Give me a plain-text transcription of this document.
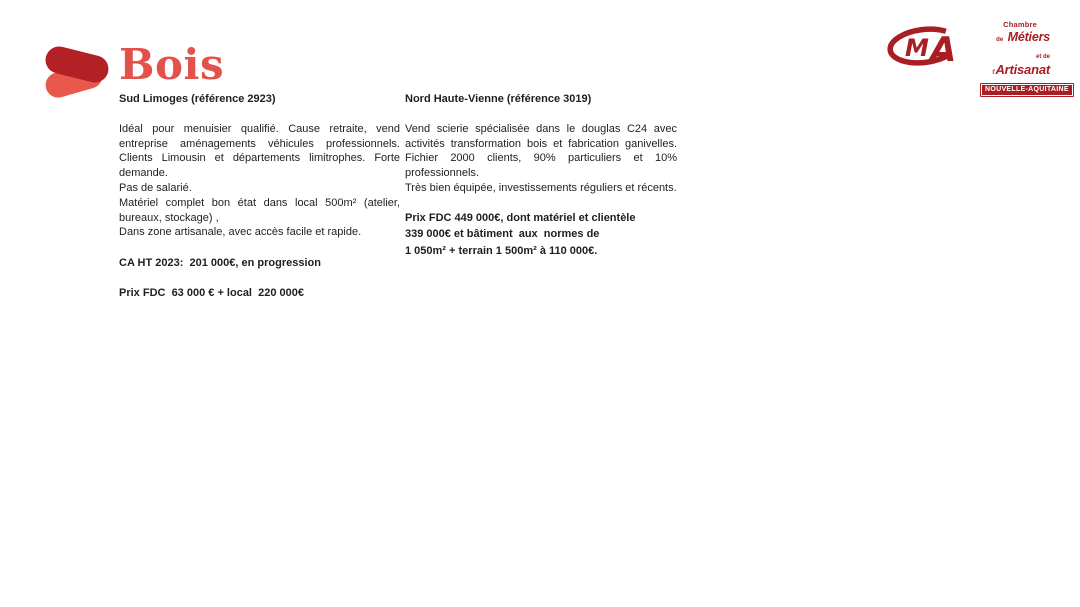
Bois	M A
Chambre
de Métiers
et de l'Artisanat
NOUVELLE-AQUITAINE
Sud Limoges (référence 2923)

Idéal pour menuisier qualifié. Cause retraite, vend entreprise aménagements véhicules professionnels. Clients Limousin et départements limitrophes. Forte demande.

Pas de salarié.

Matériel complet bon état dans local 500m² (atelier, bureaux, stockage) ,

Dans zone artisanale, avec accès facile et rapide.

CA HT 2023:  201 000€, en progression
Prix FDC  63 000 € + local  220 000€
Nord Haute-Vienne (référence 3019)

Vend scierie spécialisée dans le douglas C24 avec activités transformation bois et fabrication ganivelles. Fichier 2000 clients, 90% particuliers et 10% professionnels.

Très bien équipée, investissements réguliers et récents.

Prix FDC 449 000€, dont matériel et clientèle
339 000€ et bâtiment  aux  normes de
1 050m² + terrain 1 500m² à 110 000€.
